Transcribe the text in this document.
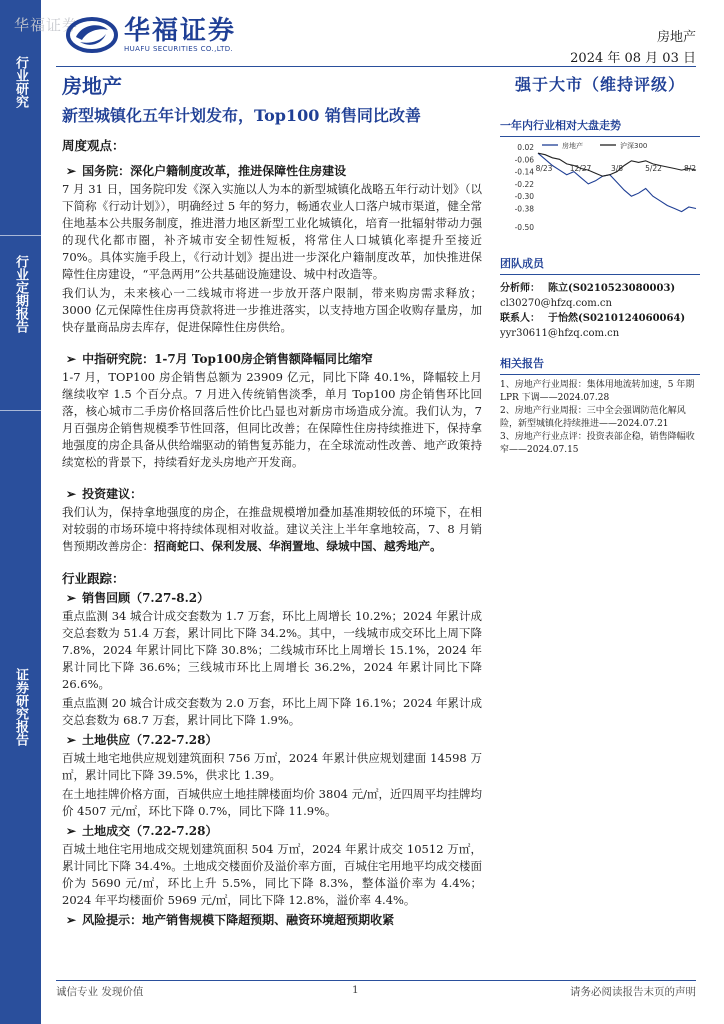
行业研究
行业定期报告
证券研究报告
华福证券 华福证券
HUAFU SECURITIES CO.,LTD.
房地产
2024 年 08 月 03 日
房地产
新型城镇化五年计划发布，Top100 销售同比改善
周度观点：
➢ 国务院：深化户籍制度改革，推进保障性住房建设

7 月 31 日，国务院印发《深入实施以人为本的新型城镇化战略五年行动计划》（以下简称《行动计划》），明确经过 5 年的努力，畅通农业人口落户城市渠道，健全常住地基本公共服务制度，推进潜力地区新型工业化城镇化，培育一批辐射带动力强的现代化都市圈，补齐城市安全韧性短板，将常住人口城镇化率提升至接近 70%。具体实施手段上，《行动计划》提出进一步深化户籍制度改革，加快推进保障性住房建设，“平急两用”公共基础设施建设、城中村改造等。

我们认为，未来核心一二线城市将进一步放开落户限制，带来购房需求释放；3000 亿元保障性住房再贷款将进一步推进落实，以支持地方国企收购存量房，加快存量商品房去库存，促进保障性住房供给。

➢ 中指研究院：1-7月 Top100房企销售额降幅同比缩窄

1-7 月，TOP100 房企销售总额为 23909 亿元，同比下降 40.1%，降幅较上月继续收窄 1.5 个百分点。7 月进入传统销售淡季，单月 Top100 房企销售环比回落，核心城市二手房价格回落后性价比凸显也对新房市场造成分流。我们认为，7 月百强房企销售规模季节性回落，但同比改善；在保障性住房持续推进下，保持拿地强度的房企具备从供给端驱动的销售复苏能力，在全球流动性改善、地产政策持续宽松的背景下，持续看好龙头房地产开发商。

➢ 投资建议：

我们认为，保持拿地强度的房企，在推盘规模增加叠加基准期较低的环境下，在相对较弱的市场环境中将持续体现相对收益。建议关注上半年拿地较高，7、8 月销售预期改善房企：招商蛇口、保利发展、华润置地、绿城中国、越秀地产。

行业跟踪：
➢ 销售回顾（7.27-8.2）

重点监测 34 城合计成交套数为 1.7 万套，环比上周增长 10.2%；2024 年累计成交总套数为 51.4 万套，累计同比下降 34.2%。其中，一线城市成交环比上周下降 7.8%，2024 年累计同比下降 30.8%；二线城市环比上周增长 15.1%，2024 年累计同比下降 36.6%；三线城市环比上周增长 36.2%，2024 年累计同比下降 26.6%。

重点监测 20 城合计成交套数为 2.0 万套，环比上周下降 16.1%；2024 年累计成交总套数为 68.7 万套，累计同比下降 1.9%。

➢ 土地供应（7.22-7.28）

百城土地宅地供应规划建筑面积 756 万㎡，2024 年累计供应规划建面 14598 万㎡，累计同比下降 39.5%，供求比 1.39。

在土地挂牌价格方面，百城供应土地挂牌楼面均价 3804 元/㎡，近四周平均挂牌均价 4507 元/㎡，环比下降 0.7%，同比下降 11.9%。

➢ 土地成交（7.22-7.28）

百城土地住宅用地成交规划建筑面积 504 万㎡，2024 年累计成交 10512 万㎡，累计同比下降 34.4%。土地成交楼面价及溢价率方面，百城住宅用地平均成交楼面价为 5690 元/㎡，环比上升 5.5%，同比下降 8.3%，整体溢价率为 4.4%；2024 年平均楼面价 5969 元/㎡，同比下降 12.8%，溢价率 4.4%。

➢ 风险提示：地产销售规模下降超预期、融资环境超预期收紧
强于大市（维持评级）
一年内行业相对大盘走势
0.02
-0.06
-0.14
-0.22
-0.30
-0.38
-0.50
8/23 12/27	3/8	5/22	8/2
房地产	沪深300
团队成员
分析师： 陈立(S0210523080003)
cl30270@hfzq.com.cn
联系人： 于怡然(S0210124060064)
yyr30611@hfzq.com.cn
相关报告
1、房地产行业周报：集体用地流转加速，5 年期 LPR 下调——2024.07.28
2、房地产行业周报：三中全会强调防范化解风险，新型城镇化持续推进——2024.07.21
3、房地产行业点评：投资表部企稳，销售降幅收窄——2024.07.15
诚信专业 发现价值	1	请务必阅读报告末页的声明
